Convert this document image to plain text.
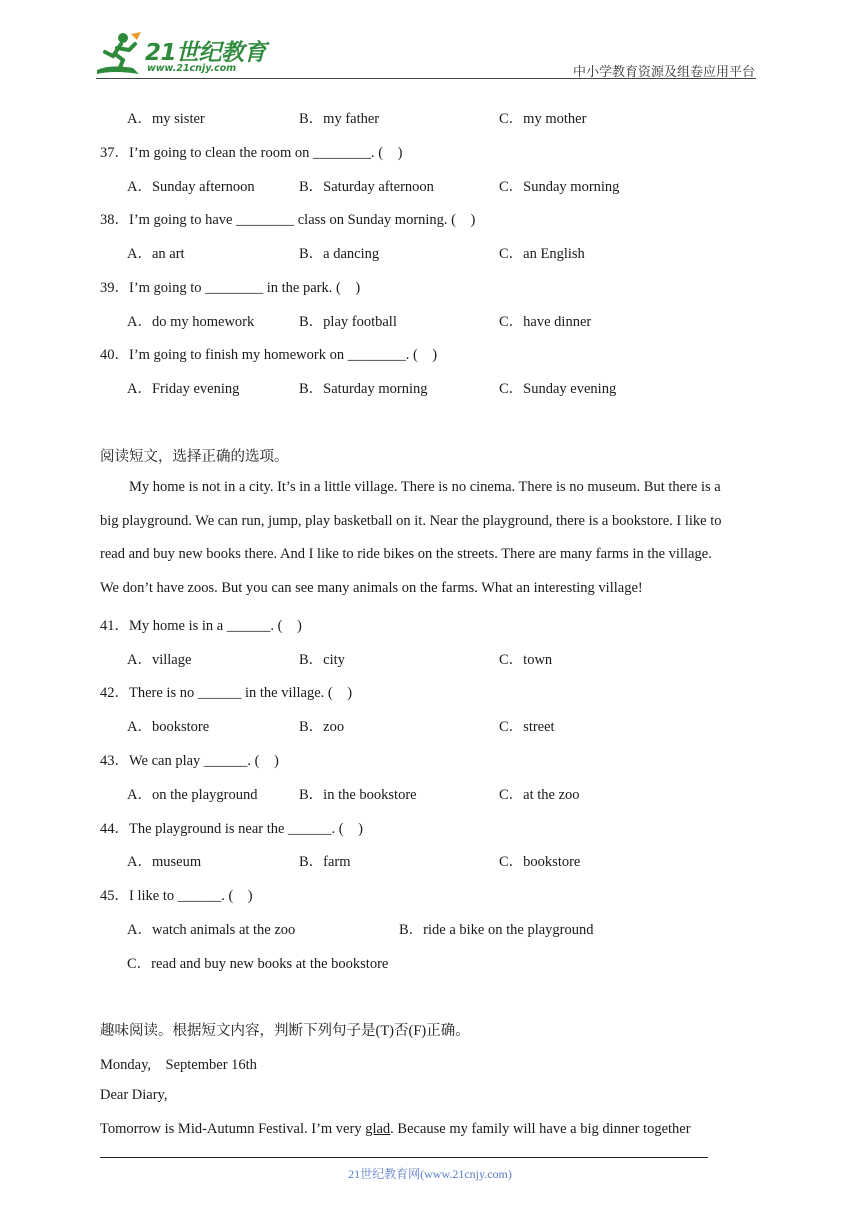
21世纪教育
www.21cnjy.com	中小学教育资源及组卷应用平台
A．my sister	B．my father	C．my mother
37．I’m going to clean the room on ________. (　)
A．Sunday afternoon	B．Saturday afternoon	C．Sunday morning
38．I’m going to have ________ class on Sunday morning. (　)
A．an art	B．a dancing	C．an English
39．I’m going to ________ in the park. (　)
A．do my homework	B．play football	C．have dinner
40．I’m going to finish my homework on ________. (　)
A．Friday evening	B．Saturday morning	C．Sunday evening
阅读短文，选择正确的选项。
My home is not in a city. It’s in a little village. There is no cinema. There is no museum. But there is a
big playground. We can run, jump, play basketball on it. Near the playground, there is a bookstore. I like to
read and buy new books there. And I like to ride bikes on the streets. There are many farms in the village.
We don’t have zoos. But you can see many animals on the farms. What an interesting village!
41．My home is in a ______. (　)
A．village	B．city	C．town
42．There is no ______ in the village. (　)
A．bookstore	B．zoo	C．street
43．We can play ______. (　)
A．on the playground	B．in the bookstore	C．at the zoo
44．The playground is near the ______. (　)
A．museum	B．farm	C．bookstore
45．I like to ______. (　)
A．watch animals at the zoo	B．ride a bike on the playground
C．read and buy new books at the bookstore
趣味阅读。根据短文内容，判断下列句子是(T)否(F)正确。
Monday,　September 16th
Dear Diary,
Tomorrow is Mid-Autumn Festival. I’m very glad. Because my family will have a big dinner together
21世纪教育网(www.21cnjy.com)
